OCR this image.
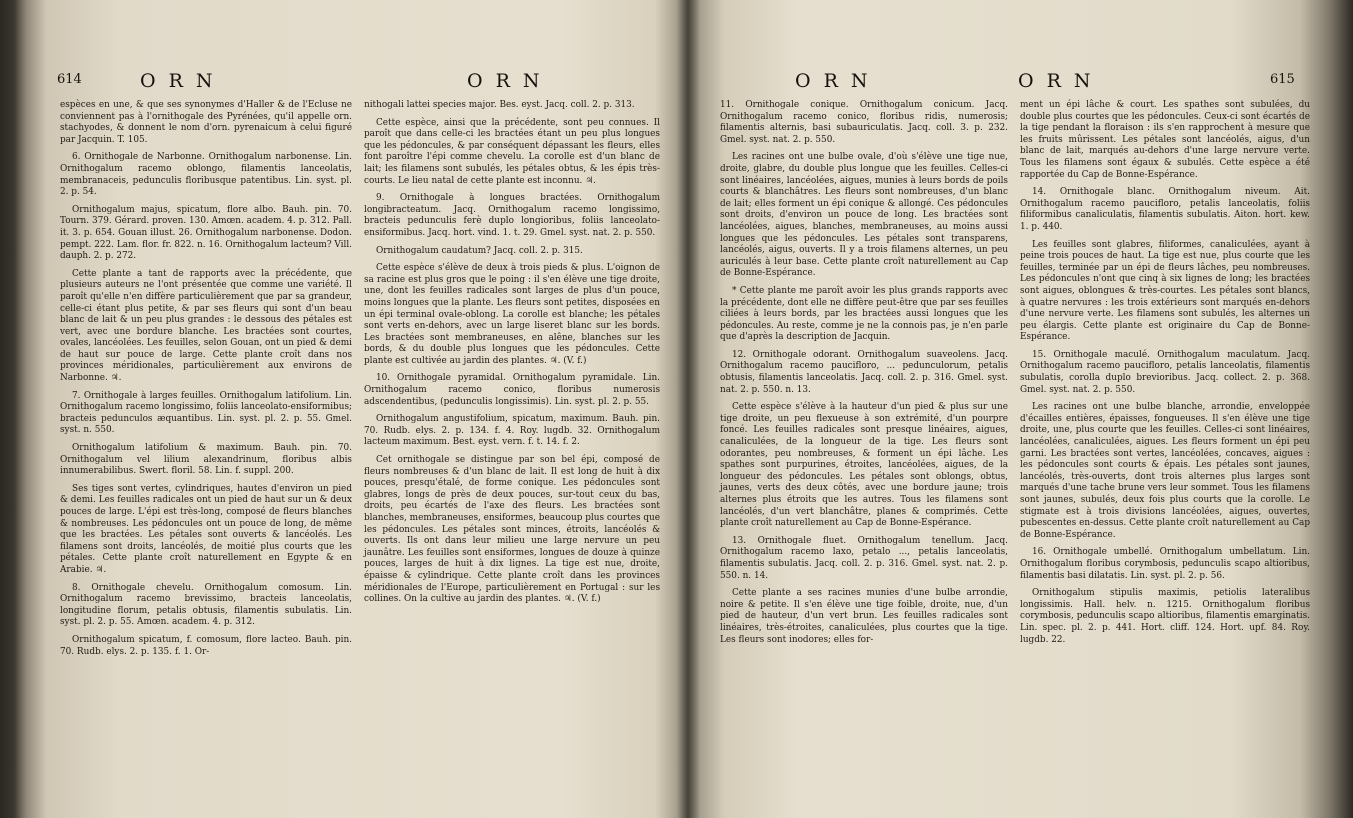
614	ORN	ORN

espèces en une, & que ses synonymes d'Haller & de l'Ecluse ne conviennent pas à l'ornithogale des Pyrénées, qu'il appelle orn. stachyodes, & donnent le nom d'orn. pyrenaicum à celui figuré par Jacquin. T. 105.

6. Ornithogale de Narbonne. Ornithogalum narbonense. Lin. Ornithogalum racemo oblongo, filamentis lanceolatis, membranaceis, pedunculis floribusque patentibus. Lin. syst. pl. 2. p. 54.

Ornithogalum majus, spicatum, flore albo. Bauh. pin. 70. Tourn. 379. Gérard. proven. 130. Amœn. academ. 4. p. 312. Pall. it. 3. p. 654. Gouan illust. 26. Ornithogalum narbonense. Dodon. pempt. 222. Lam. flor. fr. 822. n. 16. Ornithogalum lacteum? Vill. dauph. 2. p. 272.

Cette plante a tant de rapports avec la précédente, que plusieurs auteurs ne l'ont présentée que comme une variété. Il paroît qu'elle n'en diffère particulièrement que par sa grandeur, celle-ci étant plus petite, & par ses fleurs qui sont d'un beau blanc de lait & un peu plus grandes : le dessous des pétales est vert, avec une bordure blanche. Les bractées sont courtes, ovales, lancéolées. Les feuilles, selon Gouan, ont un pied & demi de haut sur pouce de large. Cette plante croît dans nos provinces méridionales, particulièrement aux environs de Narbonne. ♃.

7. Ornithogale à larges feuilles. Ornithogalum latifolium. Lin. Ornithogalum racemo longissimo, foliis lanceolato-ensiformibus; bracteis pedunculos æquantibus. Lin. syst. pl. 2. p. 55. Gmel. syst. n. 550.

Ornithogalum latifolium & maximum. Bauh. pin. 70. Ornithogalum vel lilium alexandrinum, floribus albis innumerabilibus. Swert. floril. 58. Lin. f. suppl. 200.

Ses tiges sont vertes, cylindriques, hautes d'environ un pied & demi. Les feuilles radicales ont un pied de haut sur un & deux pouces de large. L'épi est très-long, composé de fleurs blanches & nombreuses. Les pédoncules ont un pouce de long, de même que les bractées. Les pétales sont ouverts & lancéolés. Les filamens sont droits, lancéolés, de moitié plus courts que les pétales. Cette plante croît naturellement en Egypte & en Arabie. ♃.

8. Ornithogale chevelu. Ornithogalum comosum. Lin. Ornithogalum racemo brevissimo, bracteis lanceolatis, longitudine florum, petalis obtusis, filamentis subulatis. Lin. syst. pl. 2. p. 55. Amœn. academ. 4. p. 312.

Ornithogalum spicatum, f. comosum, flore lacteo. Bauh. pin. 70. Rudb. elys. 2. p. 135. f. 1. Or-

nithogali lattei species major. Bes. eyst. Jacq. coll. 2. p. 313.

Cette espèce, ainsi que la précédente, sont peu connues. Il paroît que dans celle-ci les bractées étant un peu plus longues que les pédoncules, & par conséquent dépassant les fleurs, elles font paroître l'épi comme chevelu. La corolle est d'un blanc de lait; les filamens sont subulés, les pétales obtus, & les épis très-courts. Le lieu natal de cette plante est inconnu. ♃.

9. Ornithogale à longues bractées. Ornithogalum longibracteatum. Jacq. Ornithogalum racemo longissimo, bracteis pedunculis ferè duplo longioribus, foliis lanceolato-ensiformibus. Jacq. hort. vind. 1. t. 29. Gmel. syst. nat. 2. p. 550.

Ornithogalum caudatum? Jacq. coll. 2. p. 315.

Cette espèce s'élève de deux à trois pieds & plus. L'oignon de sa racine est plus gros que le poing : il s'en élève une tige droite, une, dont les feuilles radicales sont larges de plus d'un pouce, moins longues que la plante. Les fleurs sont petites, disposées en un épi terminal ovale-oblong. La corolle est blanche; les pétales sont verts en-dehors, avec un large liseret blanc sur les bords. Les bractées sont membraneuses, en alêne, blanches sur les bords, & du double plus longues que les pédoncules. Cette plante est cultivée au jardin des plantes. ♃. (V. f.)

10. Ornithogale pyramidal. Ornithogalum pyramidale. Lin. Ornithogalum racemo conico, floribus numerosis adscendentibus, (pedunculis longissimis). Lin. syst. pl. 2. p. 55.

Ornithogalum angustifolium, spicatum, maximum. Bauh. pin. 70. Rudb. elys. 2. p. 134. f. 4. Roy. lugdb. 32. Ornithogalum lacteum maximum. Best. eyst. vern. f. t. 14. f. 2.

Cet ornithogale se distingue par son bel épi, composé de fleurs nombreuses & d'un blanc de lait. Il est long de huit à dix pouces, presqu'étalé, de forme conique. Les pédoncules sont glabres, longs de près de deux pouces, sur-tout ceux du bas, droits, peu écartés de l'axe des fleurs. Les bractées sont blanches, membraneuses, ensiformes, beaucoup plus courtes que les pédoncules. Les pétales sont minces, étroits, lancéolés & ouverts. Ils ont dans leur milieu une large nervure un peu jaunâtre. Les feuilles sont ensiformes, longues de douze à quinze pouces, larges de huit à dix lignes. La tige est nue, droite, épaisse & cylindrique. Cette plante croît dans les provinces méridionales de l'Europe, particulièrement en Portugal : sur les collines. On la cultive au jardin des plantes. ♃. (V. f.)

ORN	ORN	615

11. Ornithogale conique. Ornithogalum conicum. Jacq. Ornithogalum racemo conico, floribus ridis, numerosis; filamentis alternis, basi subauriculatis. Jacq. coll. 3. p. 232. Gmel. syst. nat. 2. p. 550.

Les racines ont une bulbe ovale, d'où s'élève une tige nue, droite, glabre, du double plus longue que les feuilles. Celles-ci sont linéaires, lancéolées, aigues, munies à leurs bords de poils courts & blanchâtres. Les fleurs sont nombreuses, d'un blanc de lait; elles forment un épi conique & allongé. Ces pédoncules sont droits, d'environ un pouce de long. Les bractées sont lancéolées, aigues, blanches, membraneuses, au moins aussi longues que les pédoncules. Les pétales sont transparens, lancéolés, aigus, ouverts. Il y a trois filamens alternes, un peu auriculés à leur base. Cette plante croît naturellement au Cap de Bonne-Espérance.

* Cette plante me paroît avoir les plus grands rapports avec la précédente, dont elle ne diffère peut-être que par ses feuilles ciliées à leurs bords, par les bractées aussi longues que les pédoncules. Au reste, comme je ne la connois pas, je n'en parle que d'après la description de Jacquin.

12. Ornithogale odorant. Ornithogalum suaveolens. Jacq. Ornithogalum racemo paucifloro, ... pedunculorum, petalis obtusis, filamentis lanceolatis. Jacq. coll. 2. p. 316. Gmel. syst. nat. 2. p. 550. n. 13.

Cette espèce s'élève à la hauteur d'un pied & plus sur une tige droite, un peu flexueuse à son extrémité, d'un pourpre foncé. Les feuilles radicales sont presque linéaires, aigues, canaliculées, de la longueur de la tige. Les fleurs sont odorantes, peu nombreuses, & forment un épi lâche. Les spathes sont purpurines, étroites, lancéolées, aigues, de la longueur des pédoncules. Les pétales sont oblongs, obtus, jaunes, verts des deux côtés, avec une bordure jaune; trois alternes plus étroits que les autres. Tous les filamens sont lancéolés, d'un vert blanchâtre, planes & comprimés. Cette plante croît naturellement au Cap de Bonne-Espérance.

13. Ornithogale fluet. Ornithogalum tenellum. Jacq. Ornithogalum racemo laxo, petalo ..., petalis lanceolatis, filamentis subulatis. Jacq. coll. 2. p. 316. Gmel. syst. nat. 2. p. 550. n. 14.

Cette plante a ses racines munies d'une bulbe arrondie, noire & petite. Il s'en élève une tige foible, droite, nue, d'un pied de hauteur, d'un vert brun. Les feuilles radicales sont linéaires, très-étroites, canaliculées, plus courtes que la tige. Les fleurs sont inodores; elles for-

ment un épi lâche & court. Les spathes sont subulées, du double plus courtes que les pédoncules. Ceux-ci sont écartés de la tige pendant la floraison : ils s'en rapprochent à mesure que les fruits mûrissent. Les pétales sont lancéolés, aigus, d'un blanc de lait, marqués au-dehors d'une large nervure verte. Tous les filamens sont égaux & subulés. Cette espèce a été rapportée du Cap de Bonne-Espérance.

14. Ornithogale blanc. Ornithogalum niveum. Ait. Ornithogalum racemo paucifloro, petalis lanceolatis, foliis filiformibus canaliculatis, filamentis subulatis. Aiton. hort. kew. 1. p. 440.

Les feuilles sont glabres, filiformes, canaliculées, ayant à peine trois pouces de haut. La tige est nue, plus courte que les feuilles, terminée par un épi de fleurs lâches, peu nombreuses. Les pédoncules n'ont que cinq à six lignes de long; les bractées sont aigues, oblongues & très-courtes. Les pétales sont blancs, à quatre nervures : les trois extérieurs sont marqués en-dehors d'une nervure verte. Les filamens sont subulés, les alternes un peu élargis. Cette plante est originaire du Cap de Bonne-Espérance.

15. Ornithogale maculé. Ornithogalum maculatum. Jacq. Ornithogalum racemo paucifloro, petalis lanceolatis, filamentis subulatis, corolla duplo brevioribus. Jacq. collect. 2. p. 368. Gmel. syst. nat. 2. p. 550.

Les racines ont une bulbe blanche, arrondie, enveloppée d'écailles entières, épaisses, fongueuses. Il s'en élève une tige droite, une, plus courte que les feuilles. Celles-ci sont linéaires, lancéolées, canaliculées, aigues. Les fleurs forment un épi peu garni. Les bractées sont vertes, lancéolées, concaves, aigues : les pédoncules sont courts & épais. Les pétales sont jaunes, lancéolés, très-ouverts, dont trois alternes plus larges sont marqués d'une tache brune vers leur sommet. Tous les filamens sont jaunes, subulés, deux fois plus courts que la corolle. Le stigmate est à trois divisions lancéolées, aigues, ouvertes, pubescentes en-dessus. Cette plante croît naturellement au Cap de Bonne-Espérance.

16. Ornithogale umbellé. Ornithogalum umbellatum. Lin. Ornithogalum floribus corymbosis, pedunculis scapo altioribus, filamentis basi dilatatis. Lin. syst. pl. 2. p. 56.

Ornithogalum stipulis maximis, petiolis lateralibus longissimis. Hall. helv. n. 1215. Ornithogalum floribus corymbosis, pedunculis scapo altioribus, filamentis emarginatis. Lin. spec. pl. 2. p. 441. Hort. cliff. 124. Hort. upf. 84. Roy. lugdb. 22.
